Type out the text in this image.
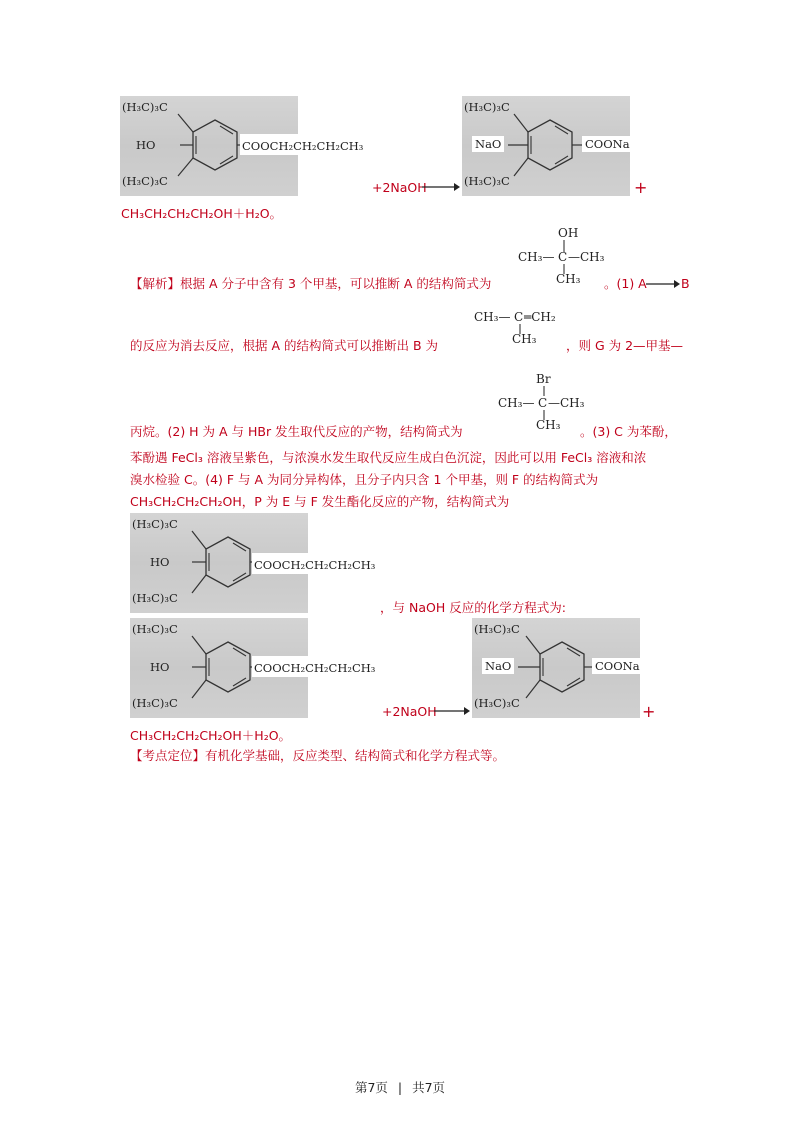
(H₃C)₃C
HO
(H₃C)₃C
COOCH₂CH₂CH₂CH₃
+2NaOH
(H₃C)₃C
NaO
(H₃C)₃C
COONa
+
CH₃CH₂CH₂CH₂OH＋H₂O。
OH
CH₃— C —CH₃
CH₃
【解析】根据 A 分子中含有 3 个甲基，可以推断 A 的结构简式为	。(1) A → B
CH₃— C ═CH₂
CH₃
的反应为消去反应，根据 A 的结构简式可以推断出 B 为	，则 G 为 2—甲基—
Br
CH₃— C —CH₃
CH₃
丙烷。(2) H 为 A 与 HBr 发生取代反应的产物，结构简式为	。(3) C 为苯酚，
苯酚遇 FeCl₃ 溶液呈紫色，与浓溴水发生取代反应生成白色沉淀，因此可以用 FeCl₃ 溶液和浓
溴水检验 C。(4) F 与 A 为同分异构体，且分子内只含 1 个甲基，则 F 的结构简式为
CH₃CH₂CH₂CH₂OH，P 为 E 与 F 发生酯化反应的产物，结构简式为
(H₃C)₃C
HO
(H₃C)₃C
COOCH₂CH₂CH₂CH₃
，与 NaOH 反应的化学方程式为:
(H₃C)₃C
HO
(H₃C)₃C
COOCH₂CH₂CH₂CH₃
+2NaOH
(H₃C)₃C
NaO
(H₃C)₃C
COONa
+
CH₃CH₂CH₂CH₂OH＋H₂O。
【考点定位】有机化学基础，反应类型、结构简式和化学方程式等。
第7页 | 共7页
